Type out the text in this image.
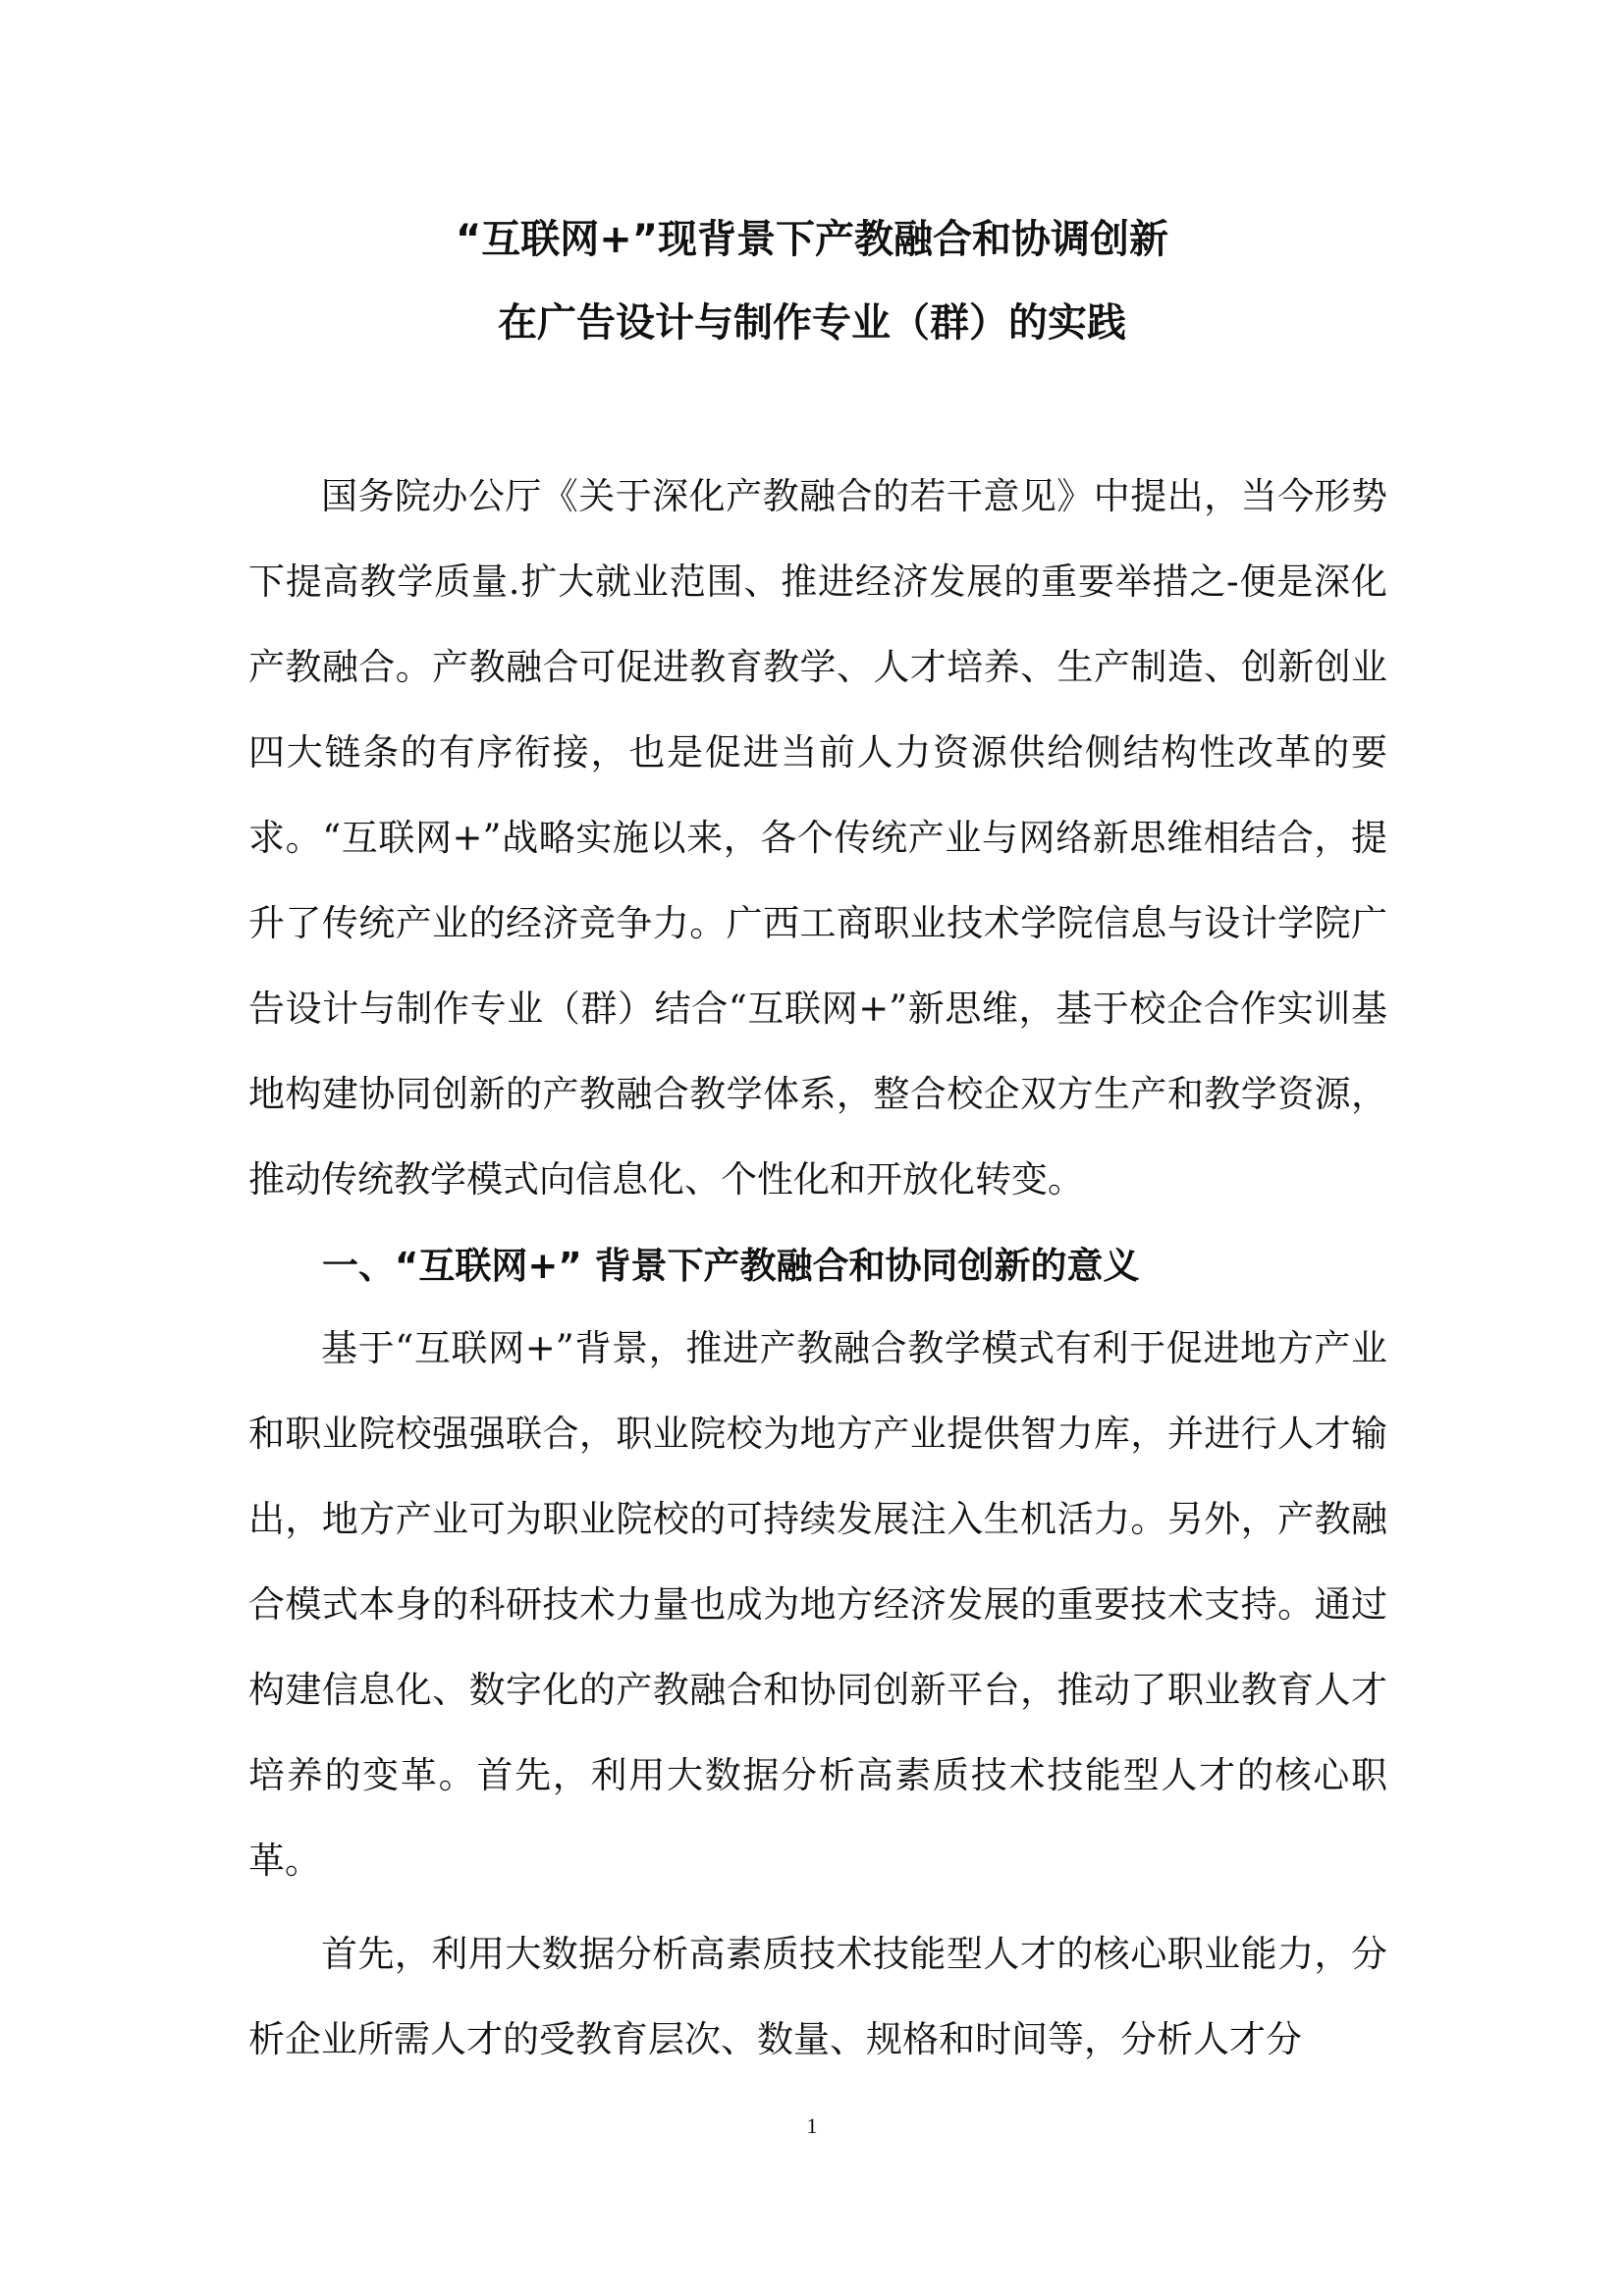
“互联网+”现背景下产教融合和协调创新
在广告设计与制作专业（群）的实践

国务院办公厅《关于深化产教融合的若干意见》中提出，当今形势下提高教学质量.扩大就业范围、推进经济发展的重要举措之-便是深化产教融合。产教融合可促进教育教学、人才培养、生产制造、创新创业四大链条的有序衔接，也是促进当前人力资源供给侧结构性改革的要求。“互联网+”战略实施以来，各个传统产业与网络新思维相结合，提升了传统产业的经济竞争力。广西工商职业技术学院信息与设计学院广告设计与制作专业（群）结合“互联网+”新思维，基于校企合作实训基地构建协同创新的产教融合教学体系，整合校企双方生产和教学资源，推动传统教学模式向信息化、个性化和开放化转变。

一、“互联网+” 背景下产教融合和协同创新的意义

基于“互联网+”背景，推进产教融合教学模式有利于促进地方产业和职业院校强强联合，职业院校为地方产业提供智力库，并进行人才输出，地方产业可为职业院校的可持续发展注入生机活力。另外，产教融合模式本身的科研技术力量也成为地方经济发展的重要技术支持。通过构建信息化、数字化的产教融合和协同创新平台，推动了职业教育人才培养的变革。首先，利用大数据分析高素质技术技能型人才的核心职革。

首先，利用大数据分析高素质技术技能型人才的核心职业能力，分析企业所需人才的受教育层次、数量、规格和时间等，分析人才分

1
